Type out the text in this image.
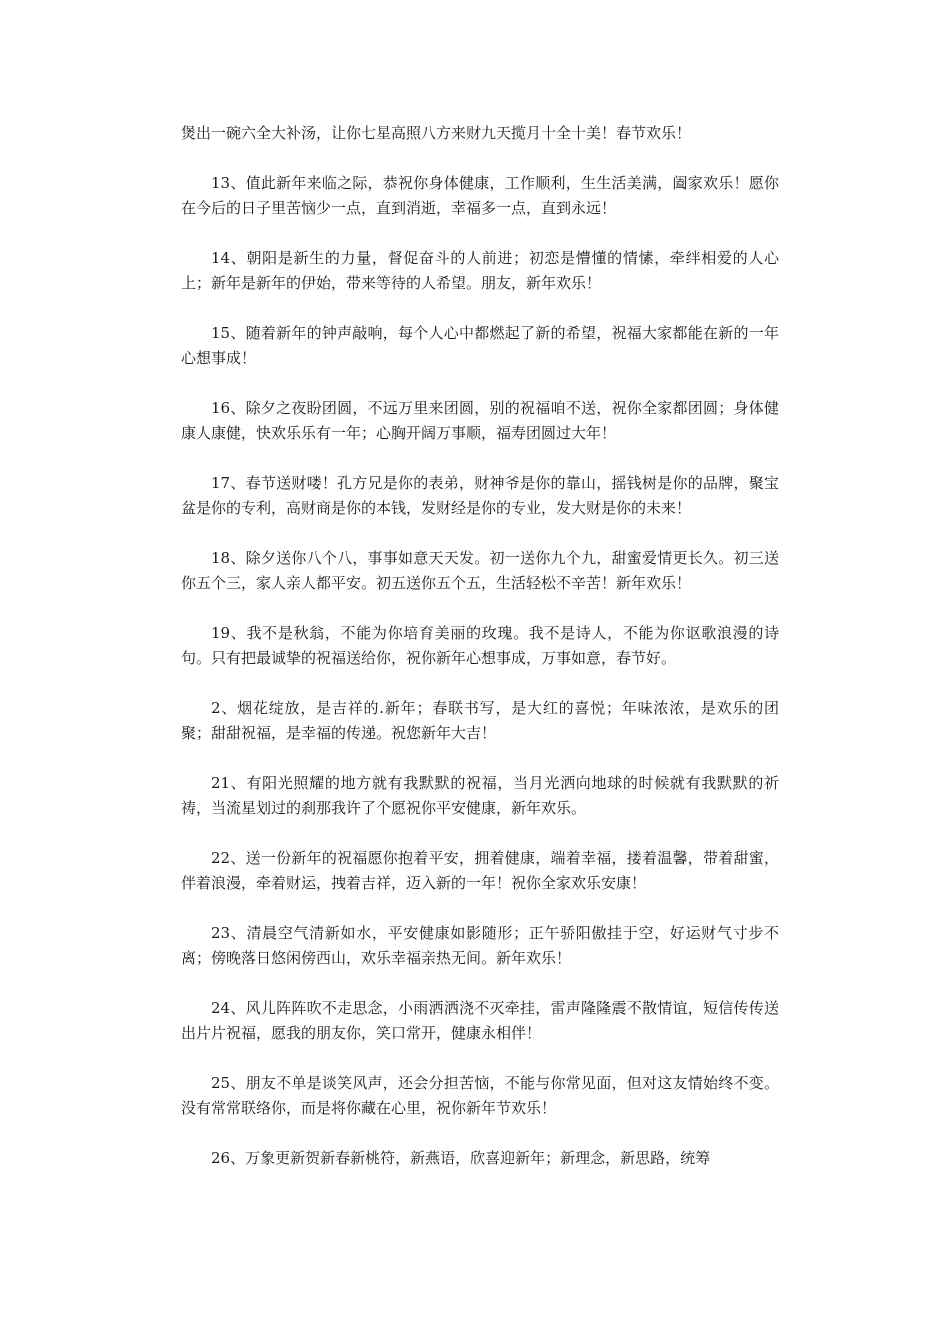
煲出一碗六全大补汤，让你七星高照八方来财九天揽月十全十美！春节欢乐！

13、值此新年来临之际，恭祝你身体健康，工作顺利，生生活美满，阖家欢乐！愿你在今后的日子里苦恼少一点，直到消逝，幸福多一点，直到永远！

14、朝阳是新生的力量，督促奋斗的人前进；初恋是懵懂的情愫，牵绊相爱的人心上；新年是新年的伊始，带来等待的人希望。朋友，新年欢乐！

15、随着新年的钟声敲响，每个人心中都燃起了新的希望，祝福大家都能在新的一年心想事成！

16、除夕之夜盼团圆，不远万里来团圆，别的祝福咱不送，祝你全家都团圆；身体健康人康健，快欢乐乐有一年；心胸开阔万事顺，福寿团圆过大年！

17、春节送财喽！孔方兄是你的表弟，财神爷是你的靠山，摇钱树是你的品牌，聚宝盆是你的专利，高财商是你的本钱，发财经是你的专业，发大财是你的未来！

18、除夕送你八个八，事事如意天天发。初一送你九个九，甜蜜爱情更长久。初三送你五个三，家人亲人都平安。初五送你五个五，生活轻松不辛苦！新年欢乐！

19、我不是秋翁，不能为你培育美丽的玫瑰。我不是诗人，不能为你讴歌浪漫的诗句。只有把最诚挚的祝福送给你，祝你新年心想事成，万事如意，春节好。

2、烟花绽放，是吉祥的.新年；春联书写，是大红的喜悦；年味浓浓，是欢乐的团聚；甜甜祝福，是幸福的传递。祝您新年大吉！

21、有阳光照耀的地方就有我默默的祝福，当月光洒向地球的时候就有我默默的祈祷，当流星划过的刹那我许了个愿祝你平安健康，新年欢乐。

22、送一份新年的祝福愿你抱着平安，拥着健康，端着幸福，搂着温馨，带着甜蜜，伴着浪漫，牵着财运，拽着吉祥，迈入新的一年！祝你全家欢乐安康！

23、清晨空气清新如水，平安健康如影随形；正午骄阳傲挂于空，好运财气寸步不离；傍晚落日悠闲傍西山，欢乐幸福亲热无间。新年欢乐！

24、风儿阵阵吹不走思念，小雨洒洒浇不灭牵挂，雷声隆隆震不散情谊，短信传传送出片片祝福，愿我的朋友你，笑口常开，健康永相伴！

25、朋友不单是谈笑风声，还会分担苦恼，不能与你常见面，但对这友情始终不变。没有常常联络你，而是将你藏在心里，祝你新年节欢乐！

26、万象更新贺新春新桃符，新燕语，欣喜迎新年；新理念，新思路，统筹
